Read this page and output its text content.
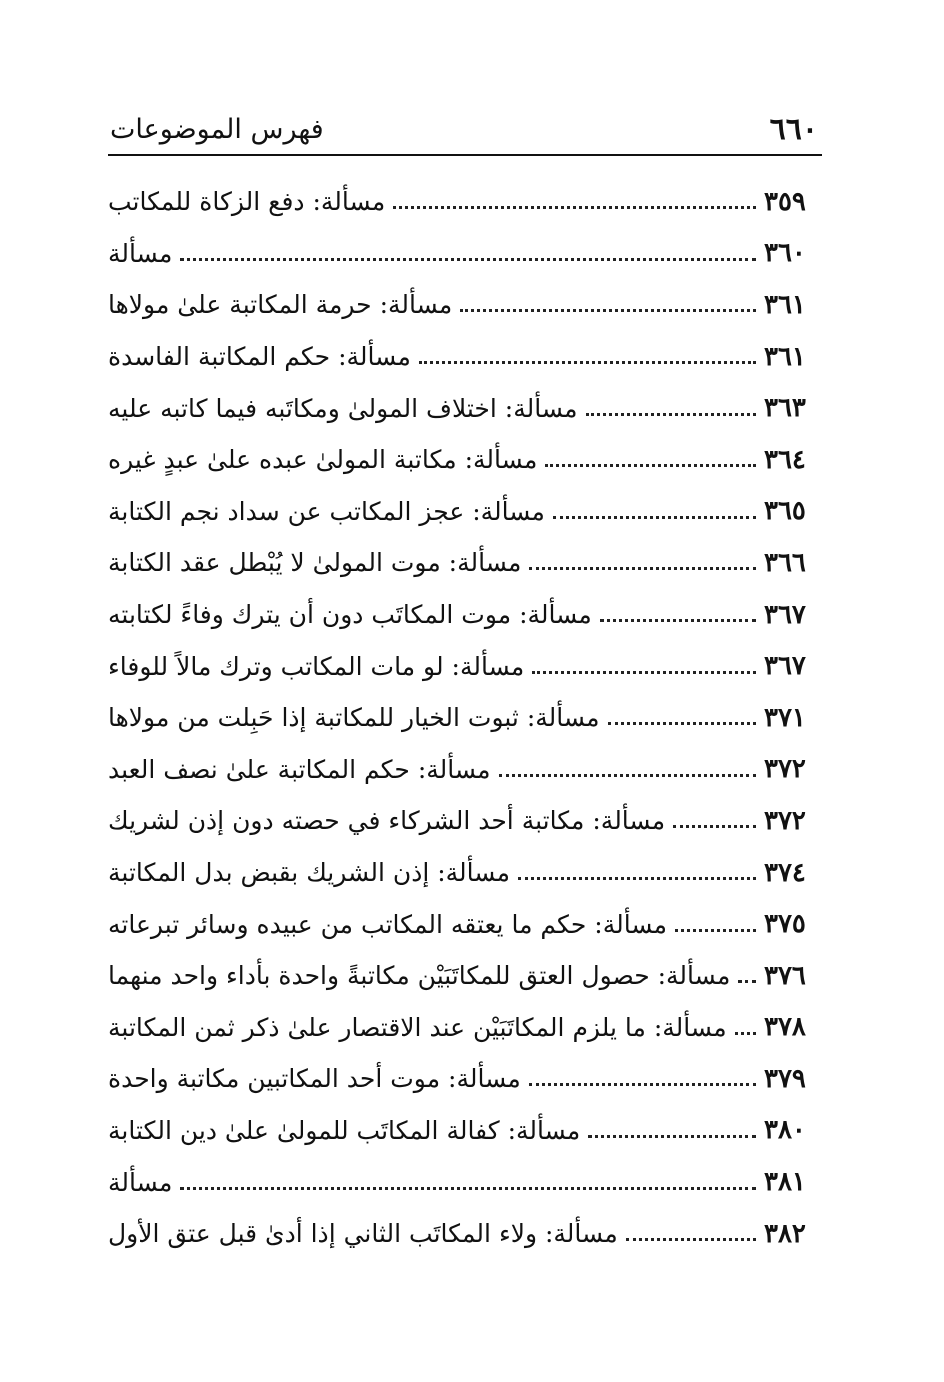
٦٦٠
فهرس الموضوعات
مسألة: دفع الزكاة للمكاتب	٣٥٩
مسألة	٣٦٠
مسألة: حرمة المكاتبة علىٰ مولاها	٣٦١
مسألة: حكم المكاتبة الفاسدة	٣٦١
مسألة: اختلاف المولىٰ ومكاتَبه فيما كاتبه عليه	٣٦٣
مسألة: مكاتبة المولىٰ عبده علىٰ عبدٍ غيره	٣٦٤
مسألة: عجز المكاتب عن سداد نجم الكتابة	٣٦٥
مسألة: موت المولىٰ لا يُبْطل عقد الكتابة	٣٦٦
مسألة: موت المكاتَب دون أن يترك وفاءً لكتابته	٣٦٧
مسألة: لو مات المكاتب وترك مالاً للوفاء	٣٦٧
مسألة: ثبوت الخيار للمكاتبة إذا حَبِلت من مولاها	٣٧١
مسألة: حكم المكاتبة علىٰ نصف العبد	٣٧٢
مسألة: مكاتبة أحد الشركاء في حصته دون إذن لشريك	٣٧٢
مسألة: إذن الشريك بقبض بدل المكاتبة	٣٧٤
مسألة: حكم ما يعتقه المكاتب من عبيده وسائر تبرعاته	٣٧٥
مسألة: حصول العتق للمكاتَبَيْن مكاتبةً واحدة بأداء واحد منهما ٣٧٦
مسألة: ما يلزم المكاتَبَيْن عند الاقتصار علىٰ ذكر ثمن المكاتبة ٣٧٨
مسألة: موت أحد المكاتبين مكاتبة واحدة	٣٧٩
مسألة: كفالة المكاتَب للمولىٰ علىٰ دين الكتابة	٣٨٠
مسألة	٣٨١
مسألة: ولاء المكاتَب الثاني إذا أدىٰ قبل عتق الأول	٣٨٢
